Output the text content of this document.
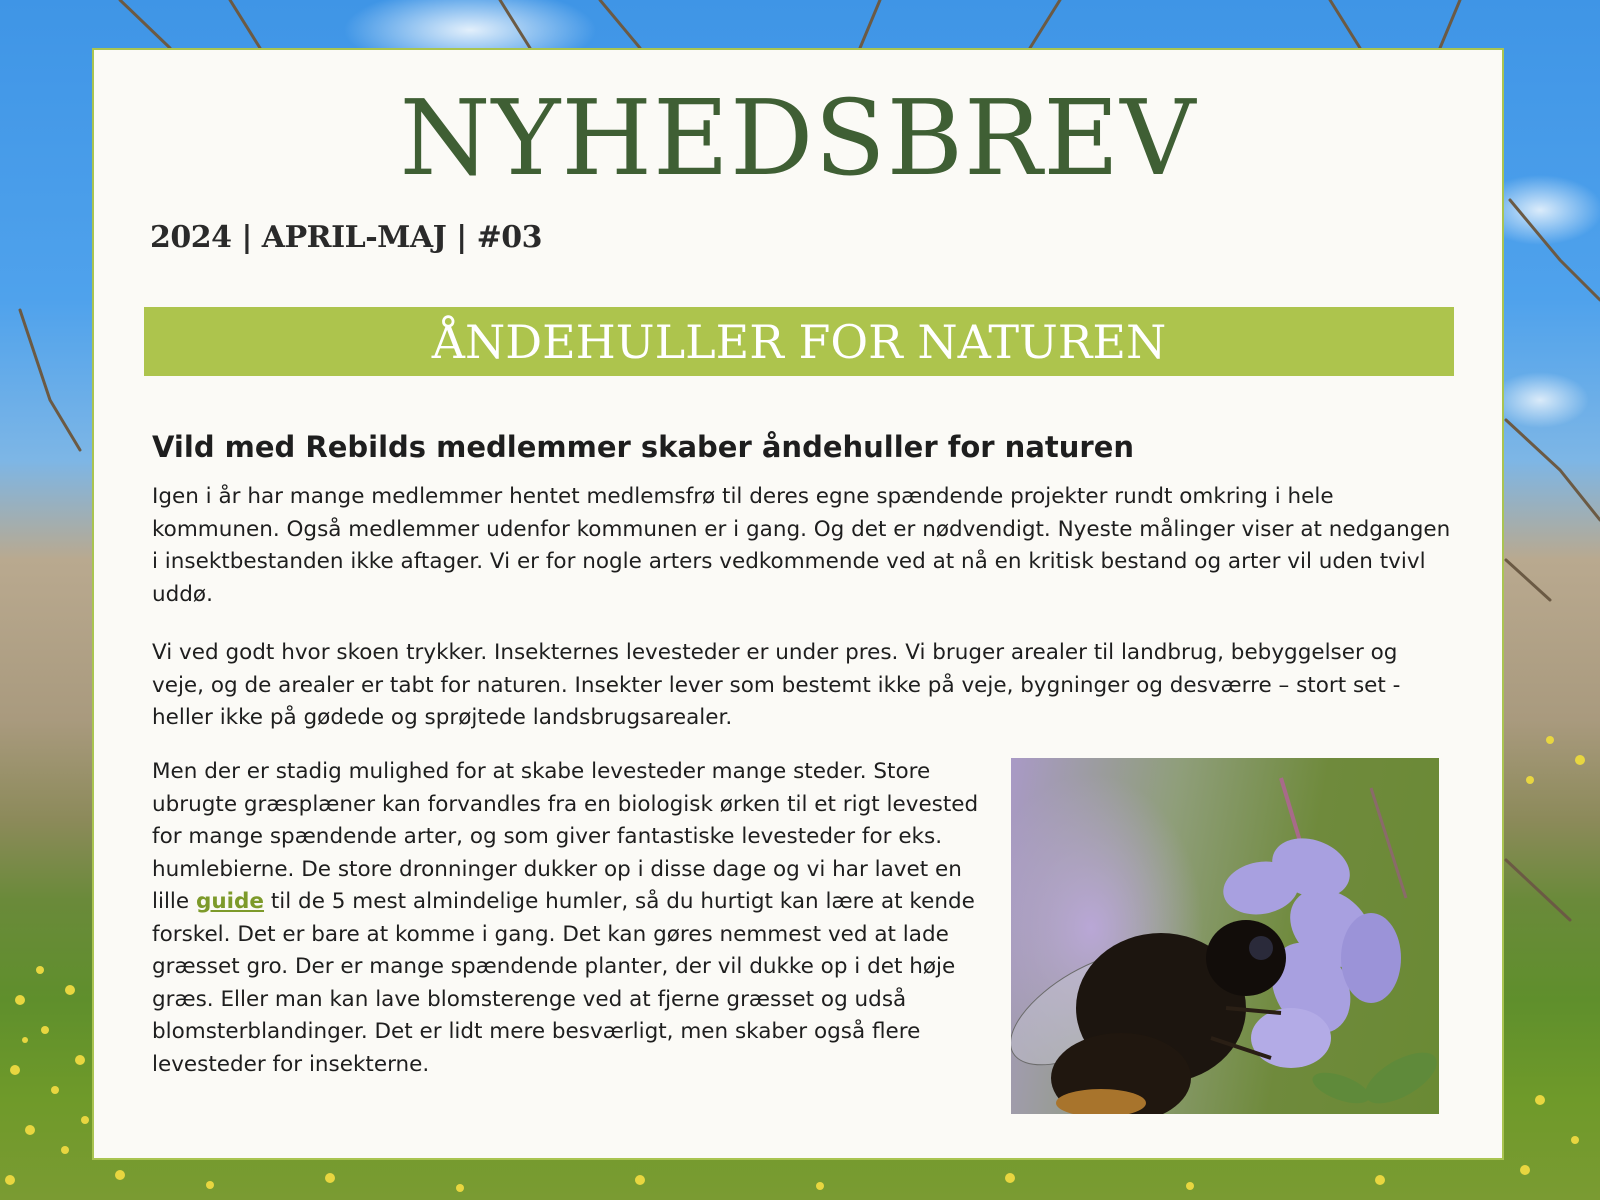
NYHEDSBREV

2024 | APRIL-MAJ | #03

ÅNDEHULLER FOR NATUREN
Vild med Rebilds medlemmer skaber åndehuller for naturen

Igen i år har mange medlemmer hentet medlemsfrø til deres egne spændende projekter rundt omkring i hele kommunen. Også medlemmer udenfor kommunen er i gang. Og det er nødvendigt. Nyeste målinger viser at nedgangen i insektbestanden ikke aftager. Vi er for nogle arters vedkommende ved at nå en kritisk bestand og arter vil uden tvivl uddø.

Vi ved godt hvor skoen trykker. Insekternes levesteder er under pres. Vi bruger arealer til landbrug, bebyggelser og veje, og de arealer er tabt for naturen. Insekter lever som bestemt ikke på veje, bygninger og desværre – stort set - heller ikke på gødede og sprøjtede landsbrugsarealer.

Men der er stadig mulighed for at skabe levesteder mange steder. Store ubrugte græsplæner kan forvandles fra en biologisk ørken til et rigt levested for mange spændende arter, og som giver fantastiske levesteder for eks. humlebierne. De store dronninger dukker op i disse dage og vi har lavet en lille guide til de 5 mest almindelige humler, så du hurtigt kan lære at kende forskel. Det er bare at komme i gang. Det kan gøres nemmest ved at lade græsset gro. Der er mange spændende planter, der vil dukke op i det høje græs. Eller man kan lave blomsterenge ved at fjerne græsset og udså blomsterblandinger. Det er lidt mere besværligt, men skaber også flere levesteder for insekterne.
